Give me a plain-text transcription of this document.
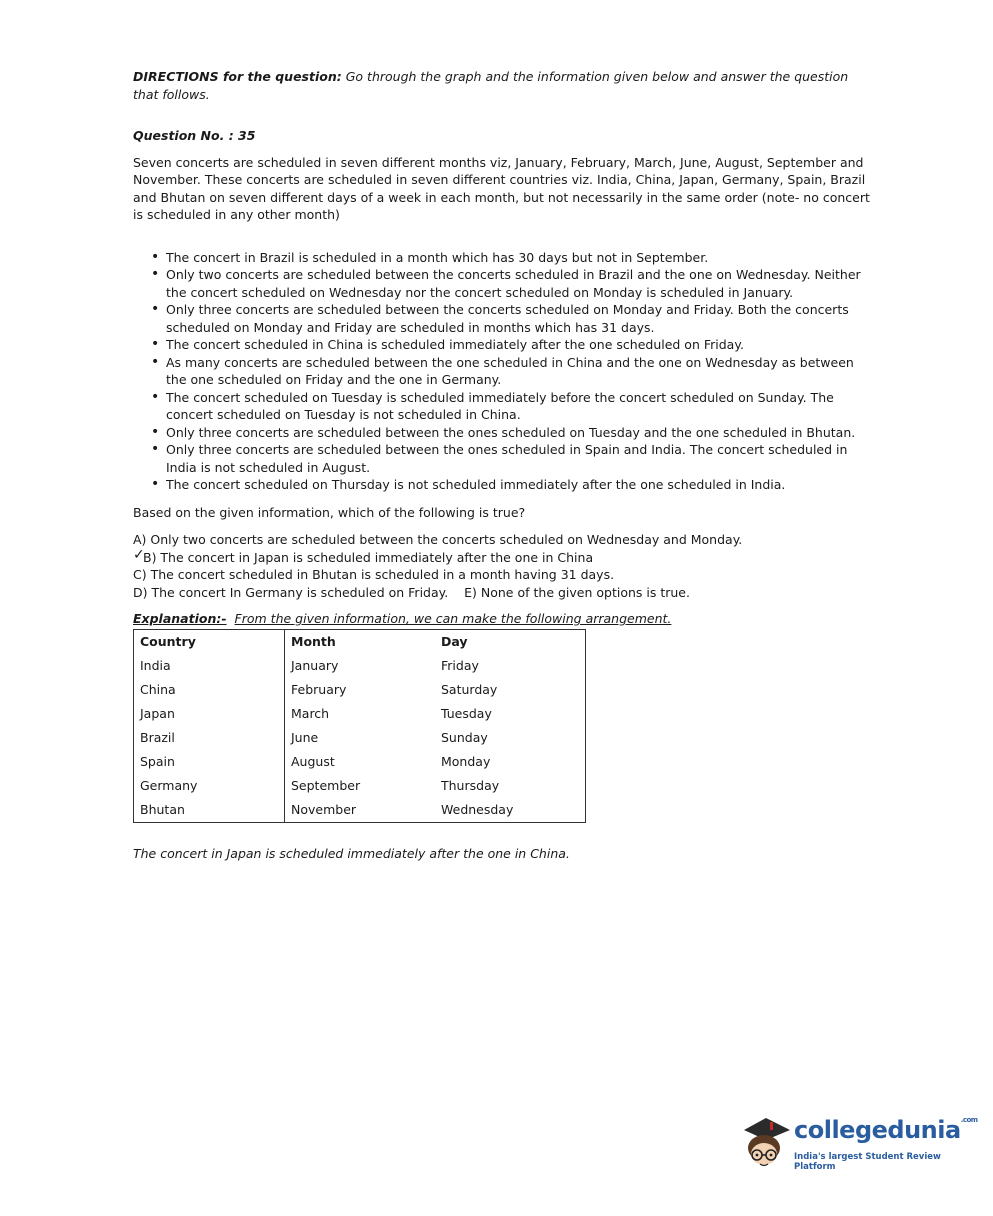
DIRECTIONS for the question: Go through the graph and the information given below and answer the question that follows.

Question No. : 35
Seven concerts are scheduled in seven different months viz, January, February, March, June, August, September and November. These concerts are scheduled in seven different countries viz. India, China, Japan, Germany, Spain, Brazil and Bhutan on seven different days of a week in each month, but not necessarily in the same order (note- no concert is scheduled in any other month)
• The concert in Brazil is scheduled in a month which has 30 days but not in September.
• Only two concerts are scheduled between the concerts scheduled in Brazil and the one on Wednesday. Neither the concert scheduled on Wednesday nor the concert scheduled on Monday is scheduled in January.
• Only three concerts are scheduled between the concerts scheduled on Monday and Friday. Both the concerts scheduled on Monday and Friday are scheduled in months which has 31 days.
• The concert scheduled in China is scheduled immediately after the one scheduled on Friday.
• As many concerts are scheduled between the one scheduled in China and the one on Wednesday as between the one scheduled on Friday and the one in Germany.
• The concert scheduled on Tuesday is scheduled immediately before the concert scheduled on Sunday. The concert scheduled on Tuesday is not scheduled in China.
• Only three concerts are scheduled between the ones scheduled on Tuesday and the one scheduled in Bhutan.
• Only three concerts are scheduled between the ones scheduled in Spain and India. The concert scheduled in India is not scheduled in August.
• The concert scheduled on Thursday is not scheduled immediately after the one scheduled in India.
Based on the given information, which of the following is true?
A) Only two concerts are scheduled between the concerts scheduled on Wednesday and Monday.
✓
B) The concert in Japan is scheduled immediately after the one in China
C) The concert scheduled in Bhutan is scheduled in a month having 31 days.
D) The concert In Germany is scheduled on Friday. E) None of the given options is true.
Explanation:- From the given information, we can make the following arrangement.
Country	Month	Day
India	January	Friday
China	February	Saturday
Japan	March	Tuesday
Brazil	June	Sunday
Spain	August	Monday
Germany	September	Thursday
Bhutan	November	Wednesday
The concert in Japan is scheduled immediately after the one in China.
collegedunia$^{.com}$
India's largest Student Review Platform
